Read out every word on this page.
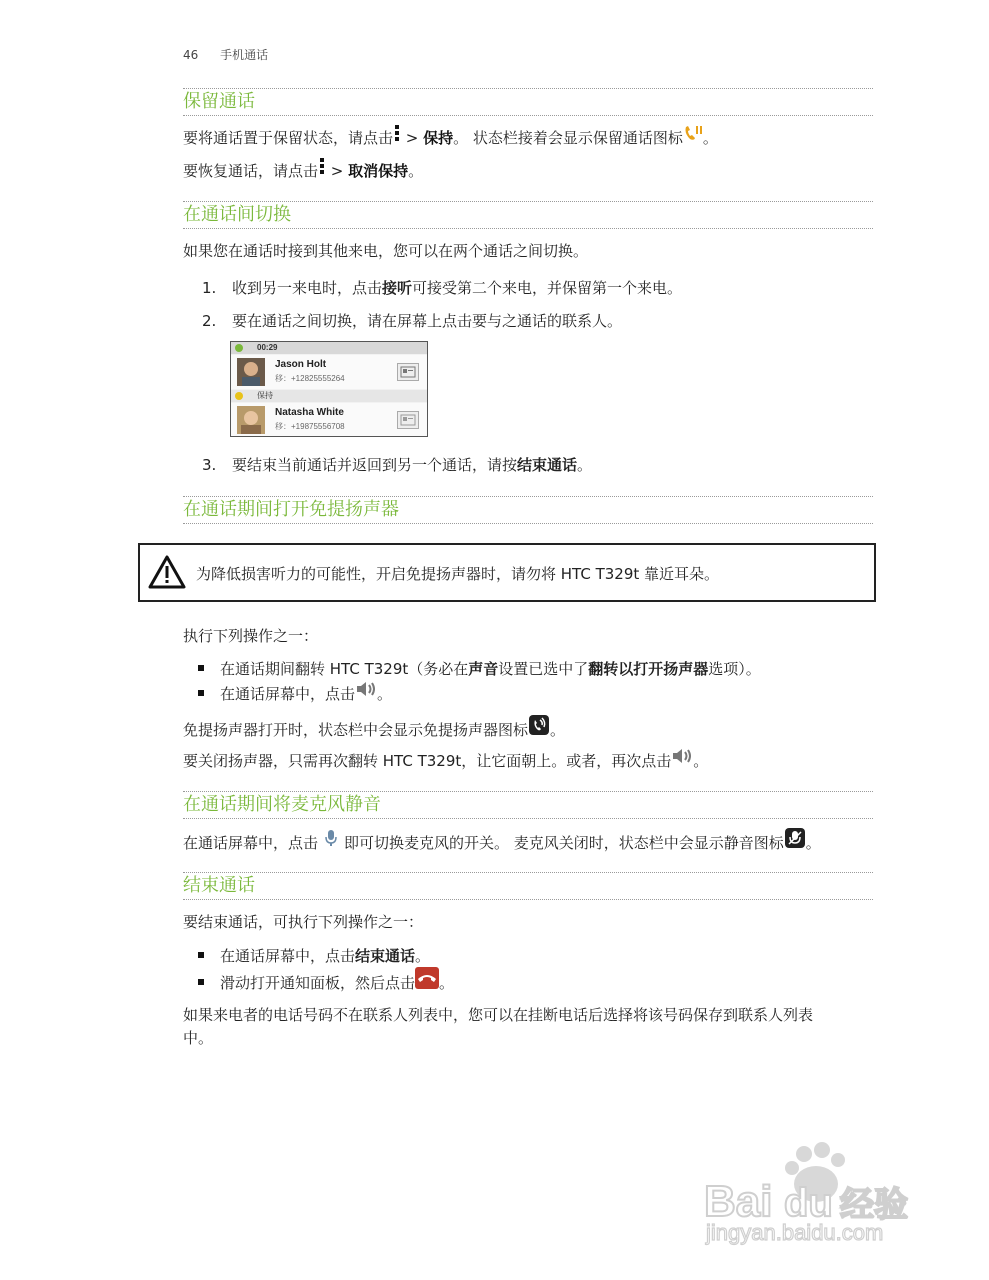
46 手机通话
保留通话
要将通话置于保留状态，请点击 > 保持。 状态栏接着会显示保留通话图标 。
要恢复通话，请点击 > 取消保持。
在通话间切换
如果您在通话时接到其他来电，您可以在两个通话之间切换。
1. 收到另一来电时，点击接听可接受第二个来电，并保留第一个来电。
2. 要在通话之间切换，请在屏幕上点击要与之通话的联系人。
00:29
Jason Holt
移：+12825555264
保持
Natasha White
移：+19875556708
3. 要结束当前通话并返回到另一个通话，请按结束通话。
在通话期间打开免提扬声器
为降低损害听力的可能性，开启免提扬声器时，请勿将 HTC T329t 靠近耳朵。
执行下列操作之一：
在通话期间翻转 HTC T329t（务必在声音设置已选中了翻转以打开扬声器选项）。
在通话屏幕中，点击 。
免提扬声器打开时，状态栏中会显示免提扬声器图标 。
要关闭扬声器，只需再次翻转 HTC T329t，让它面朝上。或者，再次点击 。
在通话期间将麦克风静音
在通话屏幕中，点击 即可切换麦克风的开关。 麦克风关闭时，状态栏中会显示静音图标 。
结束通话
要结束通话，可执行下列操作之一：
在通话屏幕中，点击结束通话。
滑动打开通知面板，然后点击 。
如果来电者的电话号码不在联系人列表中，您可以在挂断电话后选择将该号码保存到联系人列表
中。
Bai du 经验
jingyan.baidu.com
